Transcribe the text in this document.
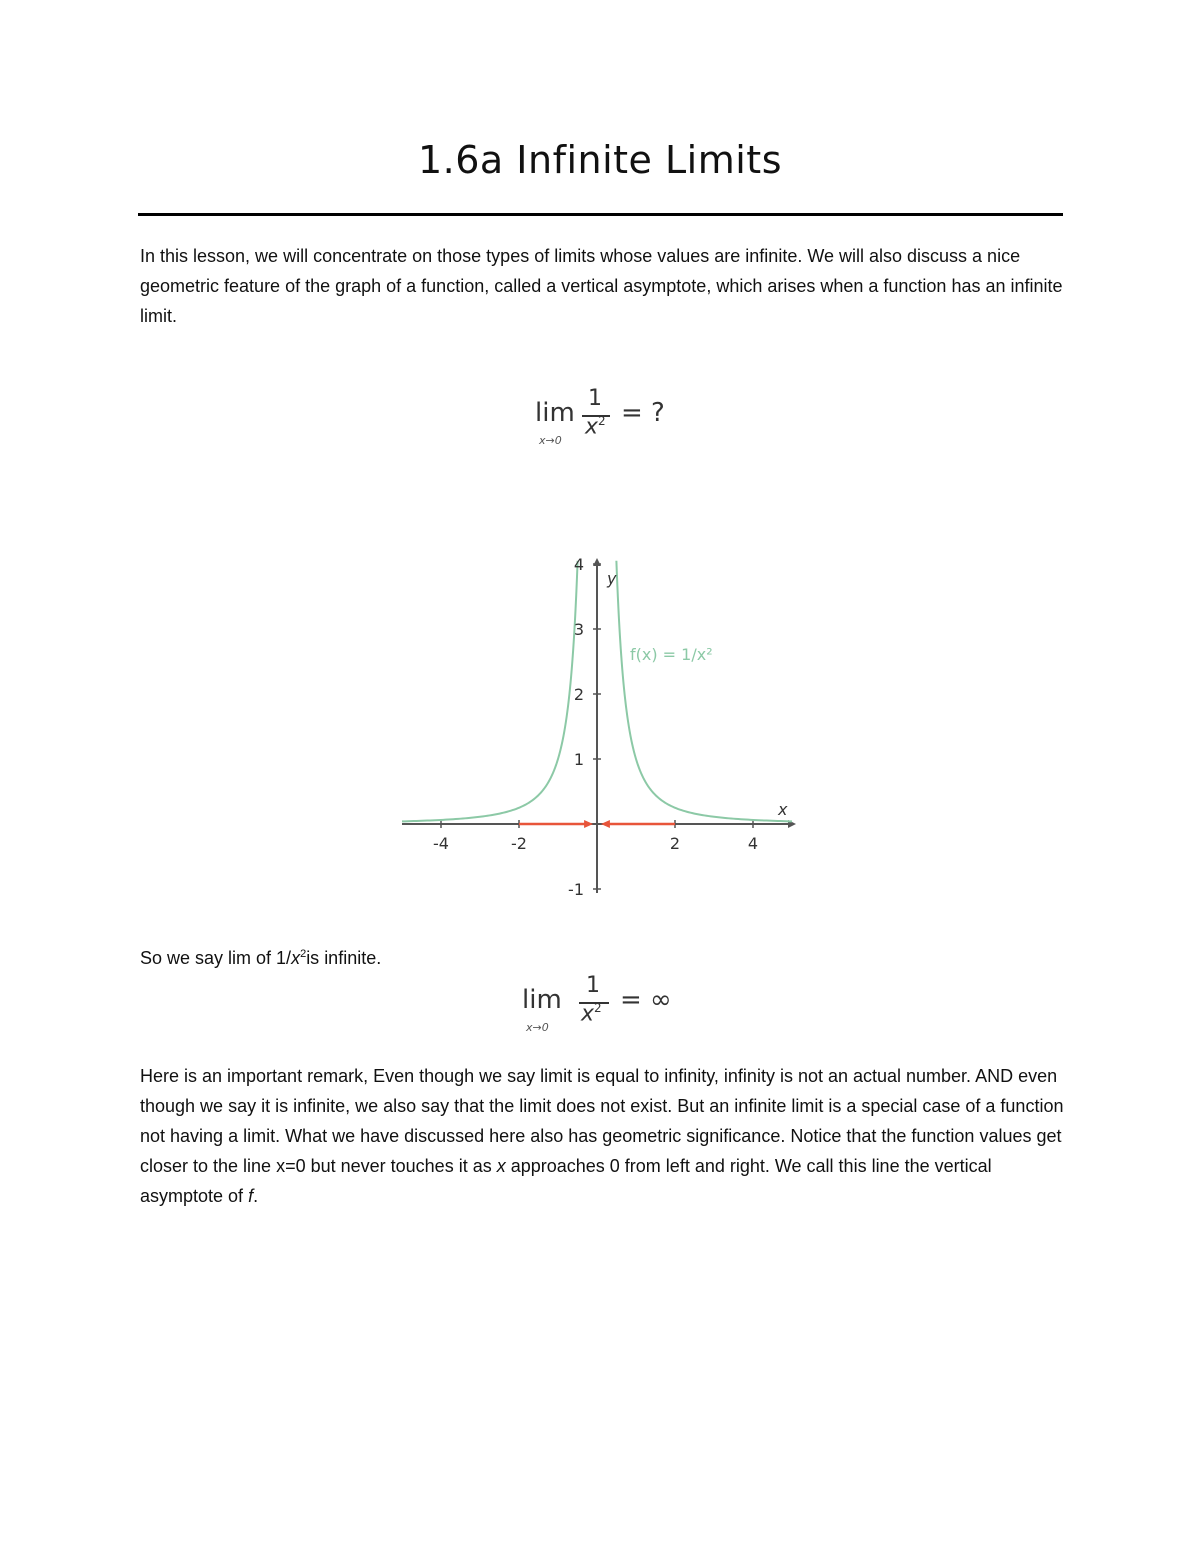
1.6a Infinite Limits

In this lesson, we will concentrate on those types of limits whose values are infinite. We will also discuss a nice geometric feature of the graph of a function, called a vertical asymptote, which arises when a function has an infinite limit.

lim
x→0
1
$x^2$ = ?
-4	-2	2	4
4
3
2
1
-1
x
y
f(x) = 1/x²

So we say lim of $1/x^2is$ infinite.

lim
x→0
1
$x^2$ = ∞

Here is an important remark, Even though we say limit is equal to infinity, infinity is not an actual number. AND even though we say it is infinite, we also say that the limit does not exist. But an infinite limit is a special case of a function not having a limit. What we have discussed here also has geometric significance. Notice that the function values get closer to the line x=0 but never touches it as x approaches 0 from left and right. We call this line the vertical asymptote of f.
